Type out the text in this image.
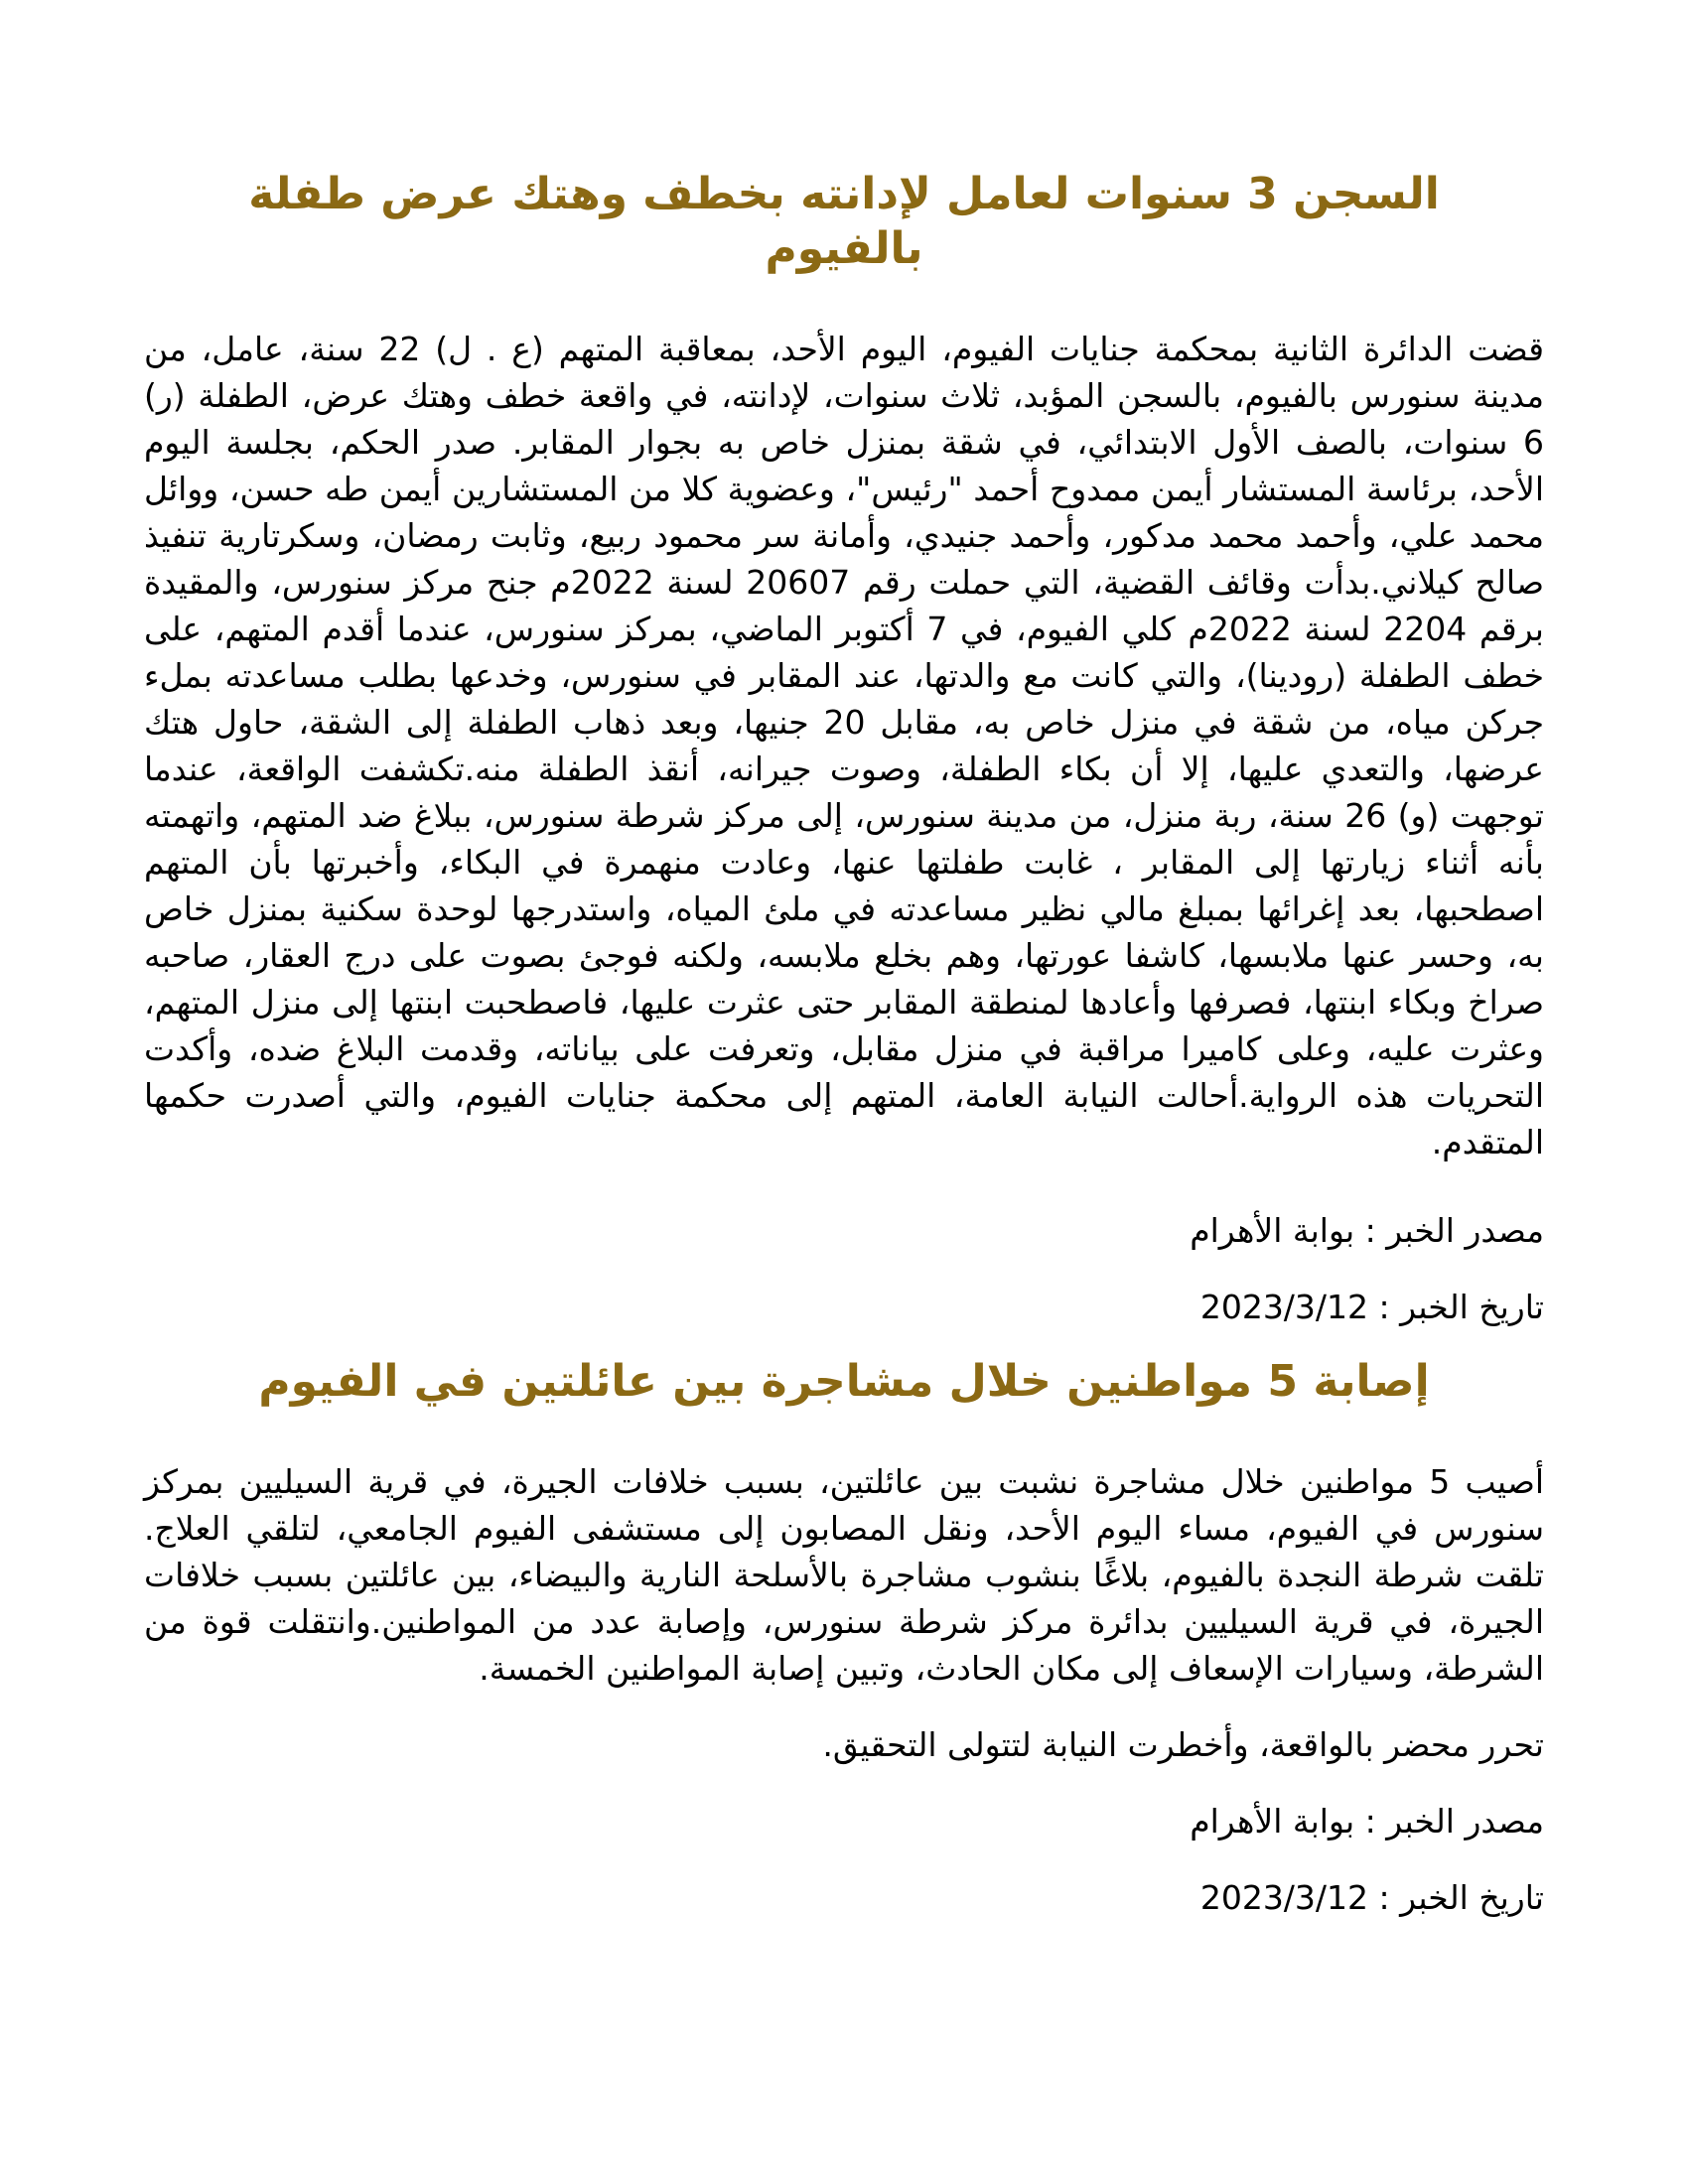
السجن 3 سنوات لعامل لإدانته بخطف وهتك عرض طفلة بالفيوم

قضت الدائرة الثانية بمحكمة جنايات الفيوم، اليوم الأحد، بمعاقبة المتهم (ع . ل) 22 سنة، عامل، من مدينة سنورس بالفيوم، بالسجن المؤبد، ثلاث سنوات، لإدانته، في واقعة خطف وهتك عرض، الطفلة (ر) 6 سنوات، بالصف الأول الابتدائي، في شقة بمنزل خاص به بجوار المقابر. صدر الحكم، بجلسة اليوم الأحد، برئاسة المستشار أيمن ممدوح أحمد "رئيس"، وعضوية كلا من المستشارين أيمن طه حسن، ووائل محمد علي، وأحمد محمد مدكور، وأحمد جنيدي، وأمانة سر محمود ربيع، وثابت رمضان، وسكرتارية تنفيذ صالح كيلاني.بدأت وقائف القضية، التي حملت رقم 20607 لسنة 2022م جنح مركز سنورس، والمقيدة برقم 2204 لسنة 2022م كلي الفيوم، في 7 أكتوبر الماضي، بمركز سنورس، عندما أقدم المتهم، على خطف الطفلة (رودينا)، والتي كانت مع والدتها، عند المقابر في سنورس، وخدعها بطلب مساعدته بملء جركن مياه، من شقة في منزل خاص به، مقابل 20 جنيها، وبعد ذهاب الطفلة إلى الشقة، حاول هتك عرضها، والتعدي عليها، إلا أن بكاء الطفلة، وصوت جيرانه، أنقذ الطفلة منه.تكشفت الواقعة، عندما توجهت (و) 26 سنة، ربة منزل، من مدينة سنورس، إلى مركز شرطة سنورس، ببلاغ ضد المتهم، واتهمته بأنه أثناء زيارتها إلى المقابر ، غابت طفلتها عنها، وعادت منهمرة في البكاء، وأخبرتها بأن المتهم اصطحبها، بعد إغرائها بمبلغ مالي نظير مساعدته في ملئ المياه، واستدرجها لوحدة سكنية بمنزل خاص به، وحسر عنها ملابسها، كاشفا عورتها، وهم بخلع ملابسه، ولكنه فوجئ بصوت على درج العقار، صاحبه صراخ وبكاء ابنتها، فصرفها وأعادها لمنطقة المقابر حتى عثرت عليها، فاصطحبت ابنتها إلى منزل المتهم، وعثرت عليه، وعلى كاميرا مراقبة في منزل مقابل، وتعرفت على بياناته، وقدمت البلاغ ضده، وأكدت التحريات هذه الرواية.أحالت النيابة العامة، المتهم إلى محكمة جنايات الفيوم، والتي أصدرت حكمها المتقدم.

مصدر الخبر : بوابة الأهرام

تاريخ الخبر : 2023/3/12

إصابة 5 مواطنين خلال مشاجرة بين عائلتين في الفيوم

أصيب 5 مواطنين خلال مشاجرة نشبت بين عائلتين، بسبب خلافات الجيرة، في قرية السيليين بمركز سنورس في الفيوم، مساء اليوم الأحد، ونقل المصابون إلى مستشفى الفيوم الجامعي، لتلقي العلاج. تلقت شرطة النجدة بالفيوم، بلاغًا بنشوب مشاجرة بالأسلحة النارية والبيضاء، بين عائلتين بسبب خلافات الجيرة، في قرية السيليين بدائرة مركز شرطة سنورس، وإصابة عدد من المواطنين.وانتقلت قوة من الشرطة، وسيارات الإسعاف إلى مكان الحادث، وتبين إصابة المواطنين الخمسة.

تحرر محضر بالواقعة، وأخطرت النيابة لتتولى التحقيق.

مصدر الخبر : بوابة الأهرام

تاريخ الخبر : 2023/3/12
